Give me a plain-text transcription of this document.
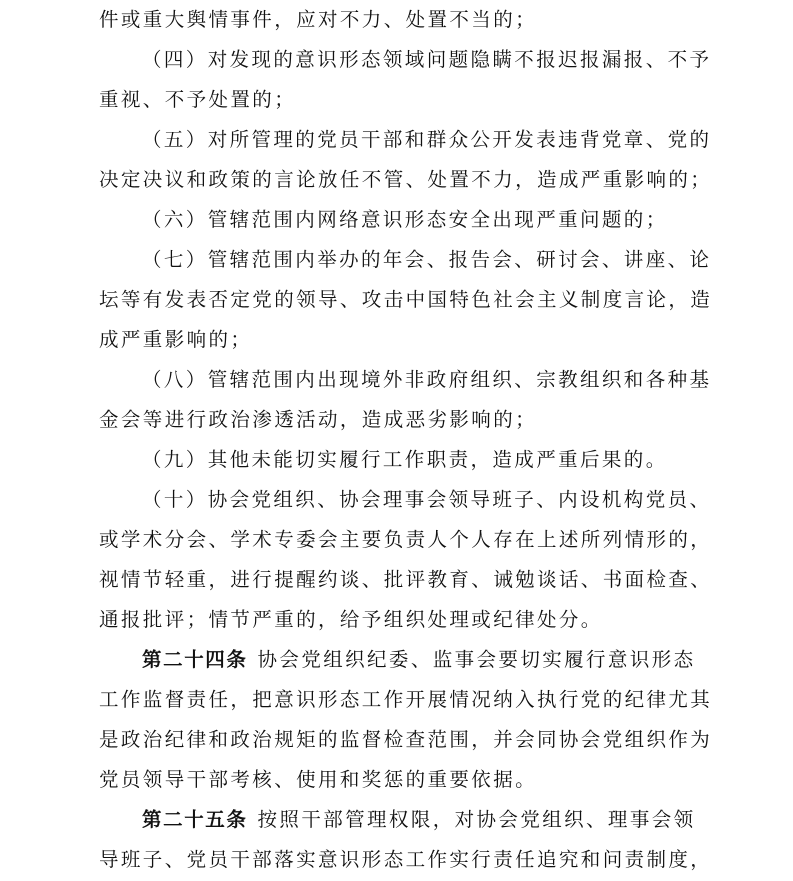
件或重大舆情事件，应对不力、处置不当的；
（四）对发现的意识形态领域问题隐瞒不报迟报漏报、不予
重视、不予处置的；
（五）对所管理的党员干部和群众公开发表违背党章、党的
决定决议和政策的言论放任不管、处置不力，造成严重影响的；
（六）管辖范围内网络意识形态安全出现严重问题的；
（七）管辖范围内举办的年会、报告会、研讨会、讲座、论
坛等有发表否定党的领导、攻击中国特色社会主义制度言论，造
成严重影响的；
（八）管辖范围内出现境外非政府组织、宗教组织和各种基
金会等进行政治渗透活动，造成恶劣影响的；
（九）其他未能切实履行工作职责，造成严重后果的。
（十）协会党组织、协会理事会领导班子、内设机构党员、
或学术分会、学术专委会主要负责人个人存在上述所列情形的，
视情节轻重，进行提醒约谈、批评教育、诫勉谈话、书面检查、
通报批评；情节严重的，给予组织处理或纪律处分。
第二十四条 协会党组织纪委、监事会要切实履行意识形态
工作监督责任，把意识形态工作开展情况纳入执行党的纪律尤其
是政治纪律和政治规矩的监督检查范围，并会同协会党组织作为
党员领导干部考核、使用和奖惩的重要依据。
第二十五条 按照干部管理权限，对协会党组织、理事会领
导班子、党员干部落实意识形态工作实行责任追究和问责制度，
